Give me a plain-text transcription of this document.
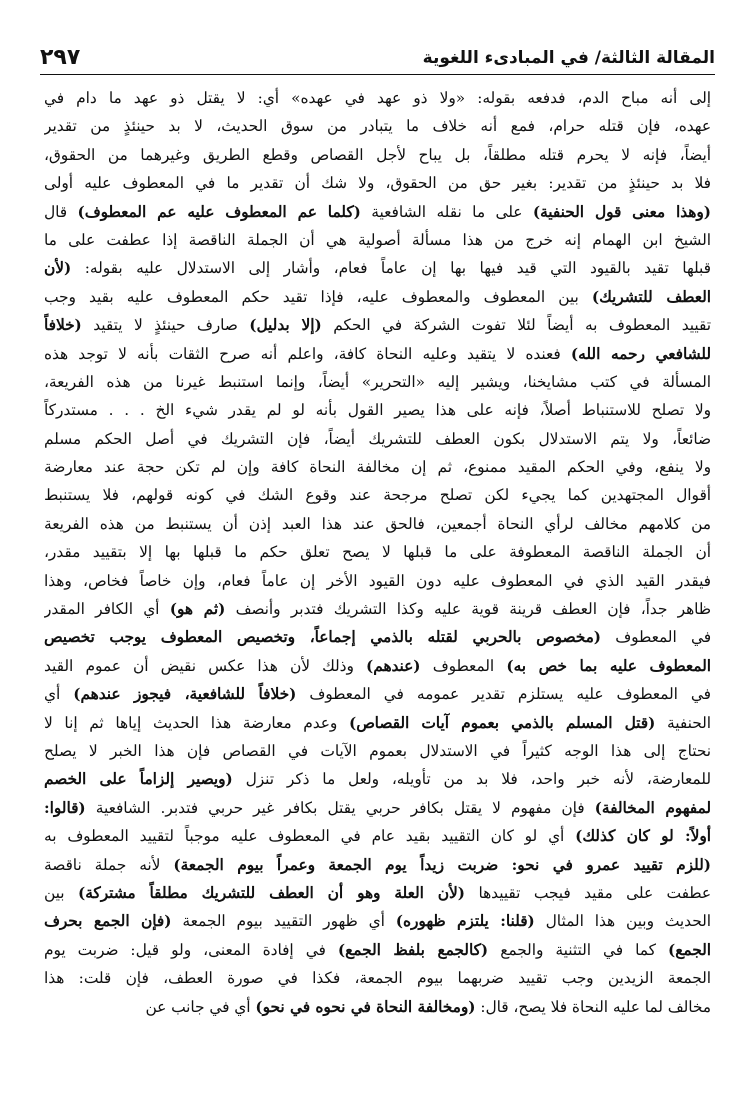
المقالة الثالثة/ في المبادىء اللغوية
٢٩٧
إلى أنه مباح الدم، فدفعه بقوله: «ولا ذو عهد في عهده» أي: لا يقتل ذو عهد ما دام في
عهده، فإن قتله حرام، فمع أنه خلاف ما يتبادر من سوق الحديث، لا بد حينئذٍ من تقدير
أيضاً، فإنه لا يحرم قتله مطلقاً، بل يباح لأجل القصاص وقطع الطريق وغيرهما من الحقوق،
فلا بد حينئذٍ من تقدير: بغير حق من الحقوق، ولا شك أن تقدير ما في المعطوف عليه أولى
(وهذا معنى قول الحنفية) على ما نقله الشافعية (كلما عم المعطوف عليه عم المعطوف) قال
الشيخ ابن الهمام إنه خرج من هذا مسألة أصولية هي أن الجملة الناقصة إذا عطفت على ما
قبلها تقيد بالقيود التي قيد فيها بها إن عاماً فعام، وأشار إلى الاستدلال عليه بقوله: (لأن
العطف للتشريك) بين المعطوف والمعطوف عليه، فإذا تقيد حكم المعطوف عليه بقيد وجب
تقييد المعطوف به أيضاً لئلا تفوت الشركة في الحكم (إلا بدليل) صارف حينئذٍ لا يتقيد (خلافاً
للشافعي رحمه الله) فعنده لا يتقيد وعليه النحاة كافة، واعلم أنه صرح الثقات بأنه لا توجد هذه
المسألة في كتب مشايخنا، ويشير إليه «التحرير» أيضاً، وإنما استنبط غيرنا من هذه الفريعة،
ولا تصلح للاستنباط أصلاً، فإنه على هذا يصير القول بأنه لو لم يقدر شيء الخ . . . مستدركاً
ضائعاً، ولا يتم الاستدلال بكون العطف للتشريك أيضاً، فإن التشريك في أصل الحكم مسلم
ولا ينفع، وفي الحكم المقيد ممنوع، ثم إن مخالفة النحاة كافة وإن لم تكن حجة عند معارضة
أقوال المجتهدين كما يجيء لكن تصلح مرجحة عند وقوع الشك في كونه قولهم، فلا يستنبط
من كلامهم مخالف لرأي النحاة أجمعين، فالحق عند هذا العبد إذن أن يستنبط من هذه الفريعة
أن الجملة الناقصة المعطوفة على ما قبلها لا يصح تعلق حكم ما قبلها بها إلا بتقييد مقدر،
فيقدر القيد الذي في المعطوف عليه دون القيود الأخر إن عاماً فعام، وإن خاصاً فخاص، وهذا
ظاهر جداً، فإن العطف قرينة قوية عليه وكذا التشريك فتدبر وأنصف (ثم هو) أي الكافر المقدر
في المعطوف (مخصوص بالحربي لقتله بالذمي إجماعاً، وتخصيص المعطوف يوجب تخصيص
المعطوف عليه بما خص به) المعطوف (عندهم) وذلك لأن هذا عكس نقيض أن عموم القيد
في المعطوف عليه يستلزم تقدير عمومه في المعطوف (خلافاً للشافعية، فيجوز عندهم) أي
الحنفية (قتل المسلم بالذمي بعموم آيات القصاص) وعدم معارضة هذا الحديث إياها ثم إنا لا
نحتاج إلى هذا الوجه كثيراً في الاستدلال بعموم الآيات في القصاص فإن هذا الخبر لا يصلح
للمعارضة، لأنه خبر واحد، فلا بد من تأويله، ولعل ما ذكر تنزل (ويصير إلزاماً على الخصم
لمفهوم المخالفة) فإن مفهوم لا يقتل بكافر حربي يقتل بكافر غير حربي فتدبر. الشافعية (قالوا:
أولاً: لو كان كذلك) أي لو كان التقييد بقيد عام في المعطوف عليه موجباً لتقييد المعطوف به
(للزم تقييد عمرو في نحو: ضربت زيداً يوم الجمعة وعمراً بيوم الجمعة) لأنه جملة ناقصة
عطفت على مقيد فيجب تقييدها (لأن العلة وهو أن العطف للتشريك مطلقاً مشتركة) بين
الحديث وبين هذا المثال (قلنا: يلتزم ظهوره) أي ظهور التقييد بيوم الجمعة (فإن الجمع بحرف
الجمع) كما في التثنية والجمع (كالجمع بلفظ الجمع) في إفادة المعنى، ولو قيل: ضربت يوم
الجمعة الزيدين وجب تقييد ضربهما بيوم الجمعة، فكذا في صورة العطف، فإن قلت: هذا
مخالف لما عليه النحاة فلا يصح، قال: (ومخالفة النحاة في نحوه في نحو) أي في جانب عن
